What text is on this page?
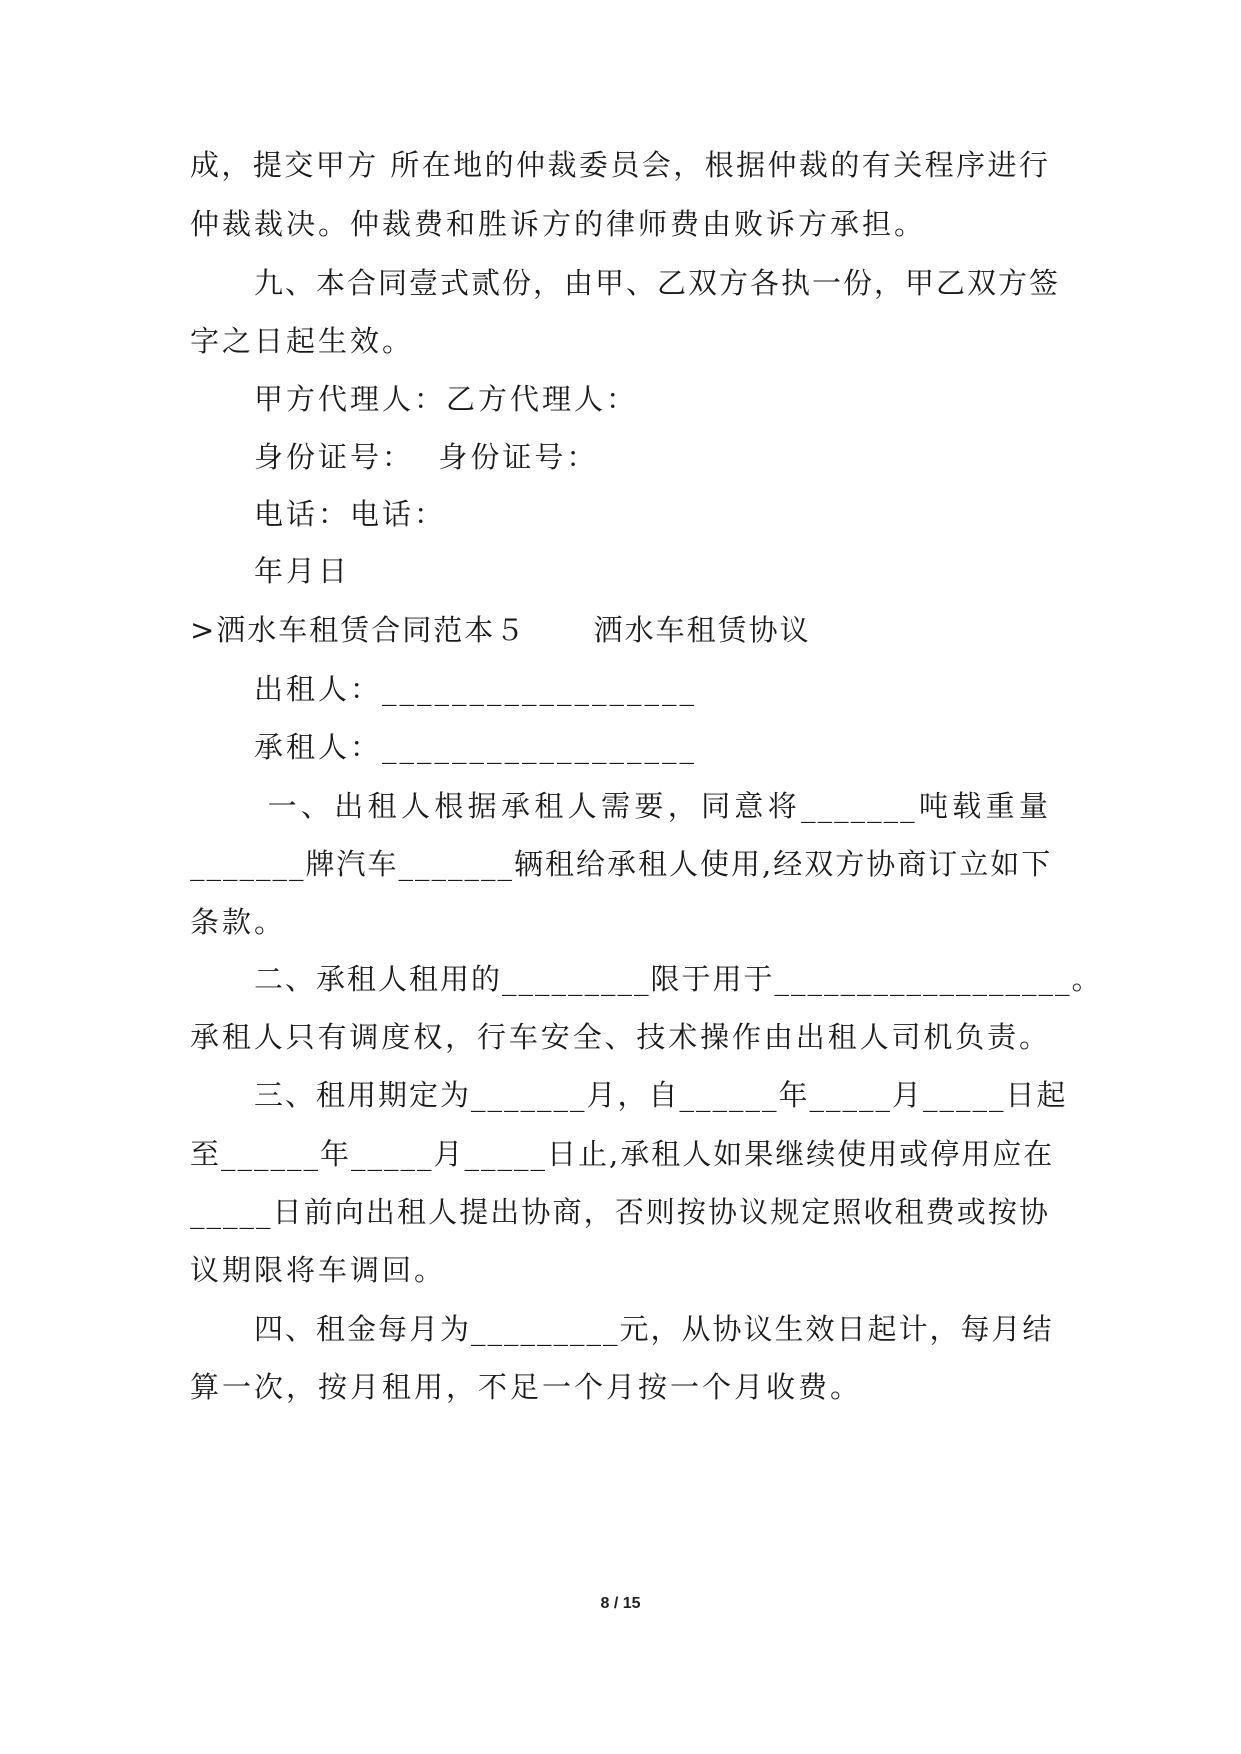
成，提交甲方 所在地的仲裁委员会，根据仲裁的有关程序进行
仲裁裁决。仲裁费和胜诉方的律师费由败诉方承担。
九、本合同壹式贰份，由甲、乙双方各执一份，甲乙双方签
字之日起生效。
甲方代理人：乙方代理人：
身份证号：  身份证号：
电话：电话：
年月日
>洒水车租赁合同范本５      洒水车租赁协议
出租人：__________________
承租人：__________________
一、出租人根据承租人需要，同意将_______吨载重量
_______牌汽车_______辆租给承租人使用,经双方协商订立如下
条款。
二、承租人租用的_________限于用于__________________。
承租人只有调度权，行车安全、技术操作由出租人司机负责。
三、租用期定为_______月，自______年_____月_____日起
至______年_____月_____日止,承租人如果继续使用或停用应在
_____日前向出租人提出协商，否则按协议规定照收租费或按协
议期限将车调回。
四、租金每月为_________元，从协议生效日起计，每月结
算一次，按月租用，不足一个月按一个月收费。
8 / 15
